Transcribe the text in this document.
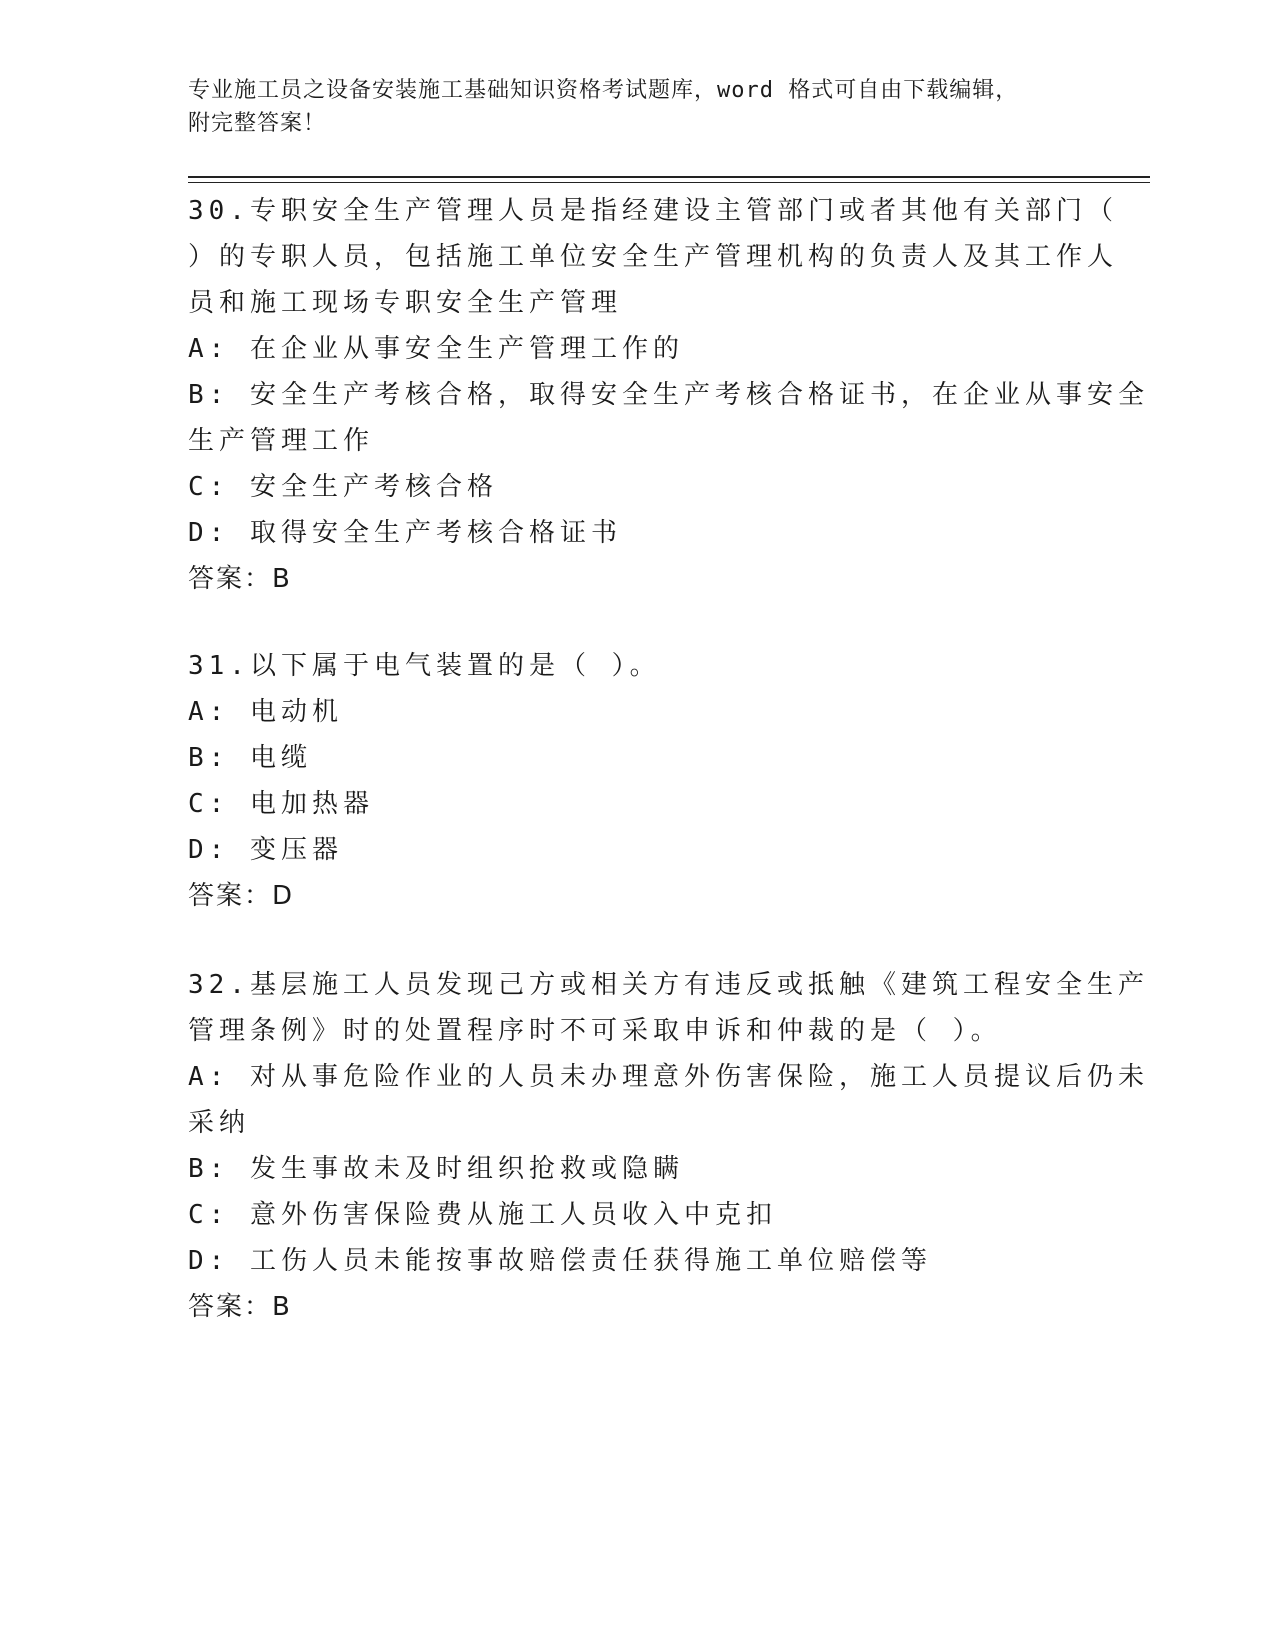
专业施工员之设备安装施工基础知识资格考试题库，word 格式可自由下载编辑，
附完整答案！
30.专职安全生产管理人员是指经建设主管部门或者其他有关部门（
）的专职人员，包括施工单位安全生产管理机构的负责人及其工作人
员和施工现场专职安全生产管理
A: 在企业从事安全生产管理工作的
B: 安全生产考核合格，取得安全生产考核合格证书，在企业从事安全
生产管理工作
C: 安全生产考核合格
D: 取得安全生产考核合格证书
答案：B
31.以下属于电气装置的是（ ）。
A: 电动机
B: 电缆
C: 电加热器
D: 变压器
答案：D
32.基层施工人员发现己方或相关方有违反或抵触《建筑工程安全生产
管理条例》时的处置程序时不可采取申诉和仲裁的是（ ）。
A: 对从事危险作业的人员未办理意外伤害保险，施工人员提议后仍未
采纳
B: 发生事故未及时组织抢救或隐瞒
C: 意外伤害保险费从施工人员收入中克扣
D: 工伤人员未能按事故赔偿责任获得施工单位赔偿等
答案：B
